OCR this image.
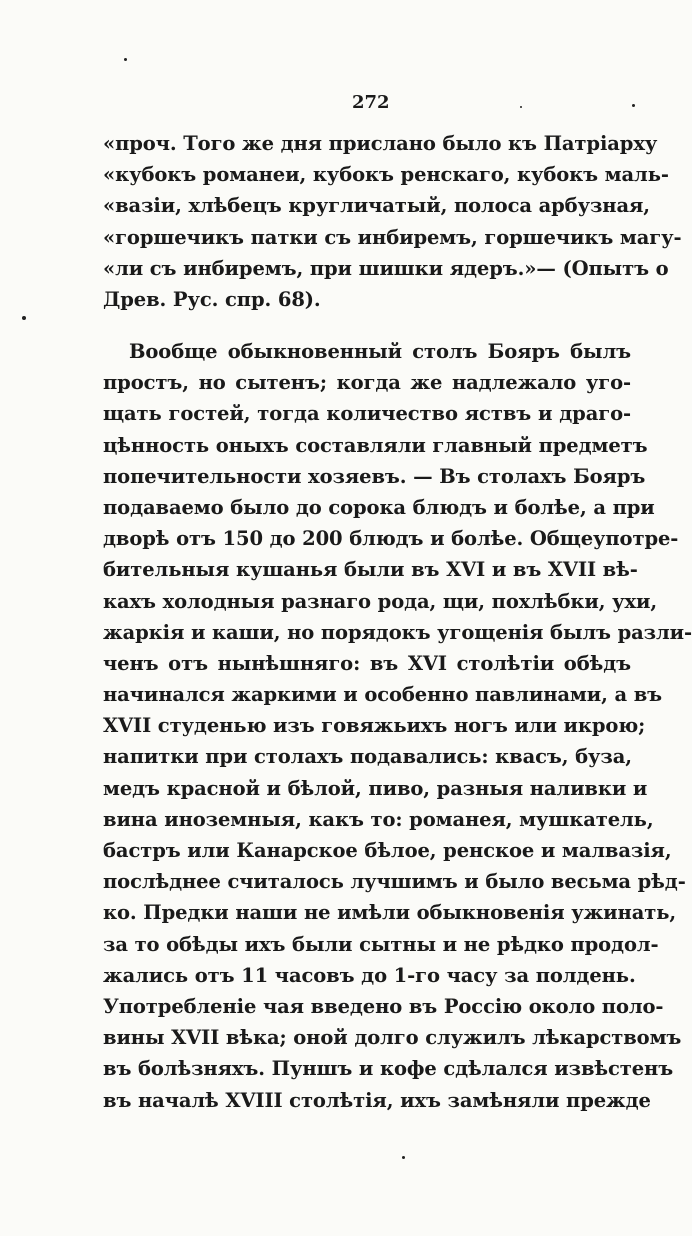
272
«проч. Того же дня прислано было къ Патріарху
«кубокъ романеи, кубокъ ренскаго, кубокъ маль-
«вазіи, хлѣбецъ кругличатый, полоса арбузная,
«горшечикъ патки съ инбиремъ, горшечикъ магу-
«ли съ инбиремъ, при шишки ядеръ.»— (Опытъ о
Древ. Рус. спр. 68).
Вообще обыкновенный столъ Бояръ былъ
простъ, но сытенъ; когда же надлежало уго-
щать гостей, тогда количество яствъ и драго-
цѣнность оныхъ составляли главный предметъ
попечительности хозяевъ. — Въ столахъ Бояръ
подаваемо было до сорока блюдъ и болѣе, а при
дворѣ отъ 150 до 200 блюдъ и болѣе. Общеупотре-
бительныя кушанья были въ XVI и въ XVII вѣ-
кахъ холодныя разнаго рода, щи, похлѣбки, ухи,
жаркія и каши, но порядокъ угощенія былъ разли-
ченъ отъ нынѣшняго: въ XVI столѣтіи обѣдъ
начинался жаркими и особенно павлинами, а въ
XVII студенью изъ говяжьихъ ногъ или икрою;
напитки при столахъ подавались: квасъ, буза,
медъ красной и бѣлой, пиво, разныя наливки и
вина иноземныя, какъ то: романея, мушкатель,
бастръ или Канарское бѣлое, ренское и малвазія,
послѣднее считалось лучшимъ и было весьма рѣд-
ко. Предки наши не имѣли обыкновенія ужинать,
за то обѣды ихъ были сытны и не рѣдко продол-
жались отъ 11 часовъ до 1-го часу за полдень.
Употребленіе чая введено въ Россію около поло-
вины XVII вѣка; оной долго служилъ лѣкарствомъ
въ болѣзняхъ. Пуншъ и кофе сдѣлался извѣстенъ
въ началѣ XVIII столѣтія, ихъ замѣняли прежде
